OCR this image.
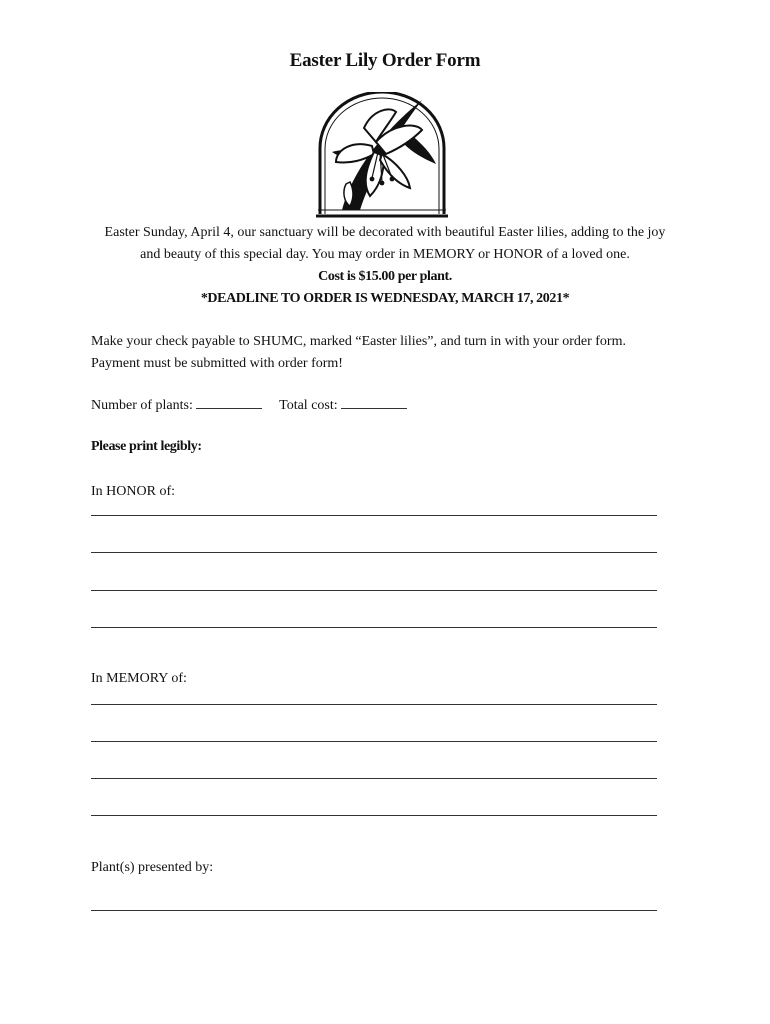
Easter Lily Order Form
Easter Sunday, April 4, our sanctuary will be decorated with beautiful Easter lilies, adding to the joy
and beauty of this special day. You may order in MEMORY or HONOR of a loved one.
Cost is $15.00 per plant.
*DEADLINE TO ORDER IS WEDNESDAY, MARCH 17, 2021*
Make your check payable to SHUMC, marked “Easter lilies”, and turn in with your order form.
Payment must be submitted with order form!
Number of plants:	Total cost:
Please print legibly:
In HONOR of:
In MEMORY of:
Plant(s) presented by:
